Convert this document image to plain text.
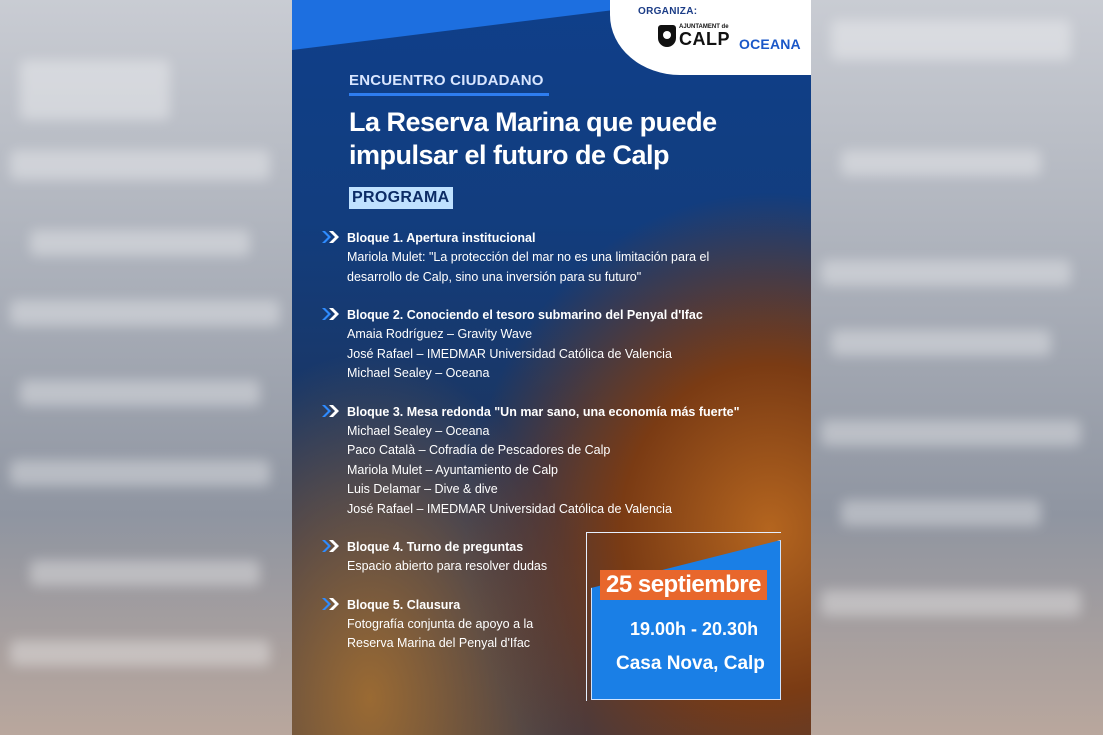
ORGANIZA:
AJUNTAMENT de
CALP OCEANA
ENCUENTRO CIUDADANO
La Reserva Marina que puede
impulsar el futuro de Calp
PROGRAMA
Bloque 1. Apertura institucional
Mariola Mulet: "La protección del mar no es una limitación para el
desarrollo de Calp, sino una inversión para su futuro"
Bloque 2. Conociendo el tesoro submarino del Penyal d'Ifac
Amaia Rodríguez – Gravity Wave
José Rafael – IMEDMAR Universidad Católica de Valencia
Michael Sealey – Oceana
Bloque 3. Mesa redonda "Un mar sano, una economía más fuerte"
Michael Sealey – Oceana
Paco Català – Cofradía de Pescadores de Calp
Mariola Mulet – Ayuntamiento de Calp
Luis Delamar – Dive & dive
José Rafael – IMEDMAR Universidad Católica de Valencia
Bloque 4. Turno de preguntas
Espacio abierto para resolver dudas
Bloque 5. Clausura
Fotografía conjunta de apoyo a la
Reserva Marina del Penyal d'Ifac
25 septiembre
19.00h - 20.30h
Casa Nova, Calp
